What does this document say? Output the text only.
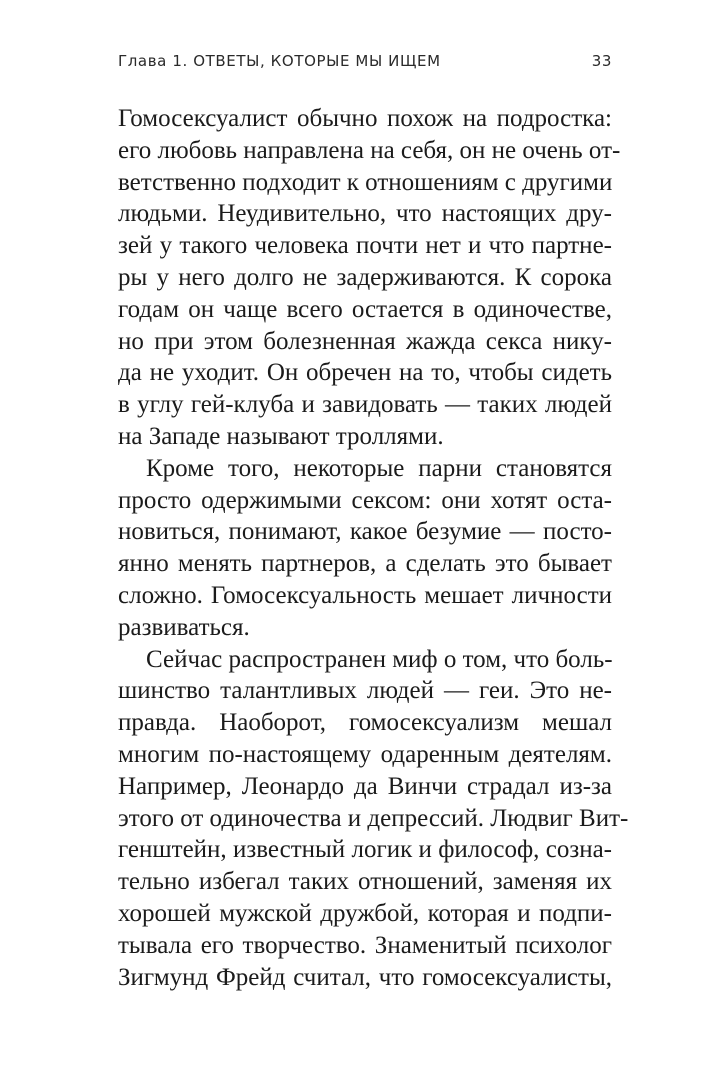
Глава 1. ОТВЕТЫ, КОТОРЫЕ МЫ ИЩЕМ	33
Гомосексуалист обычно похож на подростка:
его любовь направлена на себя, он не очень от-
ветственно подходит к отношениям с другими
людьми. Неудивительно, что настоящих дру-
зей у такого человека почти нет и что партне-
ры у него долго не задерживаются. К сорока
годам он чаще всего остается в одиночестве,
но при этом болезненная жажда секса нику-
да не уходит. Он обречен на то, чтобы сидеть
в углу гей-клуба и завидовать — таких людей
на Западе называют троллями.
Кроме того, некоторые парни становятся
просто одержимыми сексом: они хотят оста-
новиться, понимают, какое безумие — посто-
янно менять партнеров, а сделать это бывает
сложно. Гомосексуальность мешает личности
развиваться.
Сейчас распространен миф о том, что боль-
шинство талантливых людей — геи. Это не-
правда. Наоборот, гомосексуализм мешал
многим по-настоящему одаренным деятелям.
Например, Леонардо да Винчи страдал из-за
этого от одиночества и депрессий. Людвиг Вит-
генштейн, известный логик и философ, созна-
тельно избегал таких отношений, заменяя их
хорошей мужской дружбой, которая и подпи-
тывала его творчество. Знаменитый психолог
Зигмунд Фрейд считал, что гомосексуалисты,
